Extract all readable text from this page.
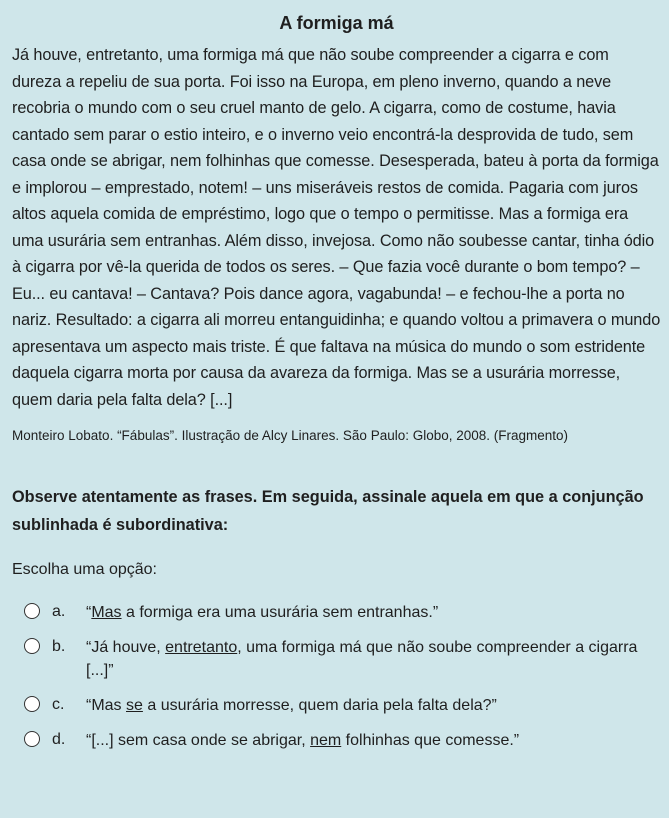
A formiga má

Já houve, entretanto, uma formiga má que não soube compreender a cigarra e com dureza a repeliu de sua porta. Foi isso na Europa, em pleno inverno, quando a neve recobria o mundo com o seu cruel manto de gelo. A cigarra, como de costume, havia cantado sem parar o estio inteiro, e o inverno veio encontrá-la desprovida de tudo, sem casa onde se abrigar, nem folhinhas que comesse. Desesperada, bateu à porta da formiga e implorou – emprestado, notem! – uns miseráveis restos de comida. Pagaria com juros altos aquela comida de empréstimo, logo que o tempo o permitisse. Mas a formiga era uma usurária sem entranhas. Além disso, invejosa. Como não soubesse cantar, tinha ódio à cigarra por vê-la querida de todos os seres. – Que fazia você durante o bom tempo? – Eu... eu cantava! – Cantava? Pois dance agora, vagabunda! – e fechou-lhe a porta no nariz. Resultado: a cigarra ali morreu entanguidinha; e quando voltou a primavera o mundo apresentava um aspecto mais triste. É que faltava na música do mundo o som estridente daquela cigarra morta por causa da avareza da formiga. Mas se a usurária morresse, quem daria pela falta dela? [...]

Monteiro Lobato. “Fábulas”. Ilustração de Alcy Linares. São Paulo: Globo, 2008. (Fragmento)

Observe atentamente as frases. Em seguida, assinale aquela em que a conjunção sublinhada é subordinativa:

Escolha uma opção:

a.	“Mas a formiga era uma usurária sem entranhas.”
b.	“Já houve, entretanto, uma formiga má que não soube compreender a cigarra [...]”
c.	“Mas se a usurária morresse, quem daria pela falta dela?”
d.	“[...] sem casa onde se abrigar, nem folhinhas que comesse.”
